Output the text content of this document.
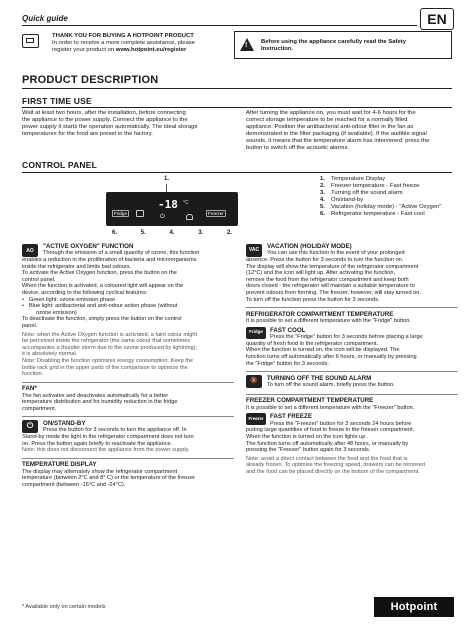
Quick guide	EN
THANK YOU FOR BUYING A HOTPOINT PRODUCT
In order to receive a more complete assistance, please
register your product on www.hotpoint.eu/register
! Before using the appliance carefully read the Safety
Instruction.
PRODUCT DESCRIPTION
FIRST TIME USE
Wait at least two hours, after the installation, before connecting
the appliance to the power supply. Connect the appliance to the
power supply it starts the operation automatically. The ideal storage
temperatures for the food are preset in the factory.
After turning the appliance on, you must wait for 4-6 hours for the
correct storage temperature to be reached for a normally filled
appliance. Position the antibacterial anti-odour filter in the fan as
demonstrated in the filter packaging (if available). If the audible signal
sounds, it means that the temperature alarm has intervened: press the
button to switch off the acoustic alarms.
CONTROL PANEL
1.
Fridge
-18 °C
⏻
Freezer
6.	5.	4.	3.	2.
1. Temperature Display
2. Freezer temperature - Fast freeze
3. Turning off the sound alarm
4. On/stand-by
5. Vacation (holiday mode) - "Active Oxygen"
6. Refrigerator temperature - Fast cool
AO
"ACTIVE OXYGEN" FUNCTION
Through the emission of a small quantity of ozone, this function
enables a reduction in the proliferation of bacteria and microorganisms
inside the refrigerator and limits bad odours.
To activate the Active Oxygen function, press the button on the
control panel.
When the function is activated, a coloured light will appear on the
device, according to the following cyclical features:
• Green light: ozone emission phase
• Blue light: antibacterial and anti-odour action phase (without
ozone emission)
To deactivate the function, simply press the button on the control
panel.
Note: when the Active Oxygen function is activated, a faint odour might
be perceived inside the refrigerator (the same odour that sometimes
accompanies a thunder storm due to the ozone produced by lightning);
it is absolutely normal.
Note: Disabling the function optimizes energy consumption. Keep the
bottle rack grid in the upper parts of the comparison to optimize the
function.
FAN*
The fan activates and deactivates automatically for a better
temperature distribution and for humidity reduction in the fridge
compartment.
⏻	ON/STAND-BY
Press the button for 3 seconds to turn the appliance off. In
Stand-by mode the light in the refrigerator compartment does not turn
on. Press the button again briefly to reactivate the appliance.
Note: this does not disconnect the appliance from the power supply.
TEMPERATURE DISPLAY
The display may alternately show the refrigerator compartment
temperature (between 2°C and 8° C) or the temperature of the freezer
compartment (between -16°C and -24°C).
VAC
VACATION (HOLIDAY MODE)
You can use this function in the event of your prolonged
absence. Press the button for 3 seconds to turn the function on.
The display will show the temperature of the refrigerator compartment
(12°C) and the icon will light up. After activating the function,
remove the food from the refrigerator compartment and keep both
doors closed - the refrigerator will maintain a suitable temperature to
prevent odours from forming. The freezer, however, will stay turned on.
To turn off the function press the button for 3 seconds.
REFRIGERATOR COMPARTMENT TEMPERATURE
It is possible to set a different temperature with the "Fridge" button.
Fridge	FAST COOL
Press the "Fridge" button for 3 seconds before placing a large
quantity of fresh food in the refrigerator compartment.
When the function is turned on, the icon will be displayed. The
function turns off automatically after 6 hours, or manually by pressing
the "Fridge" button for 3 seconds.
🔕	TURNING OFF THE SOUND ALARM
To turn off the sound alarm, briefly press the button.
FREEZER COMPARTMENT TEMPERATURE
It is possible to set a different temperature with the "Freezer" button.
Freezer	FAST FREEZE
Press the "Freezer" button for 3 seconds 24 hours before
putting large quantities of food to freeze in the freezer compartment.
When the function is turned on the icon lights up .
The function turns off automatically after 48 hours, or manually by
pressing the "Freezer" button again for 3 seconds.
Note: avoid a direct contact between the food and the food that is
already frozen. To optimise the freezing speed, drawers can be removed
and the food can be placed directly on the bottom of the compartment.
* Available only on certain models	Hotpoint
